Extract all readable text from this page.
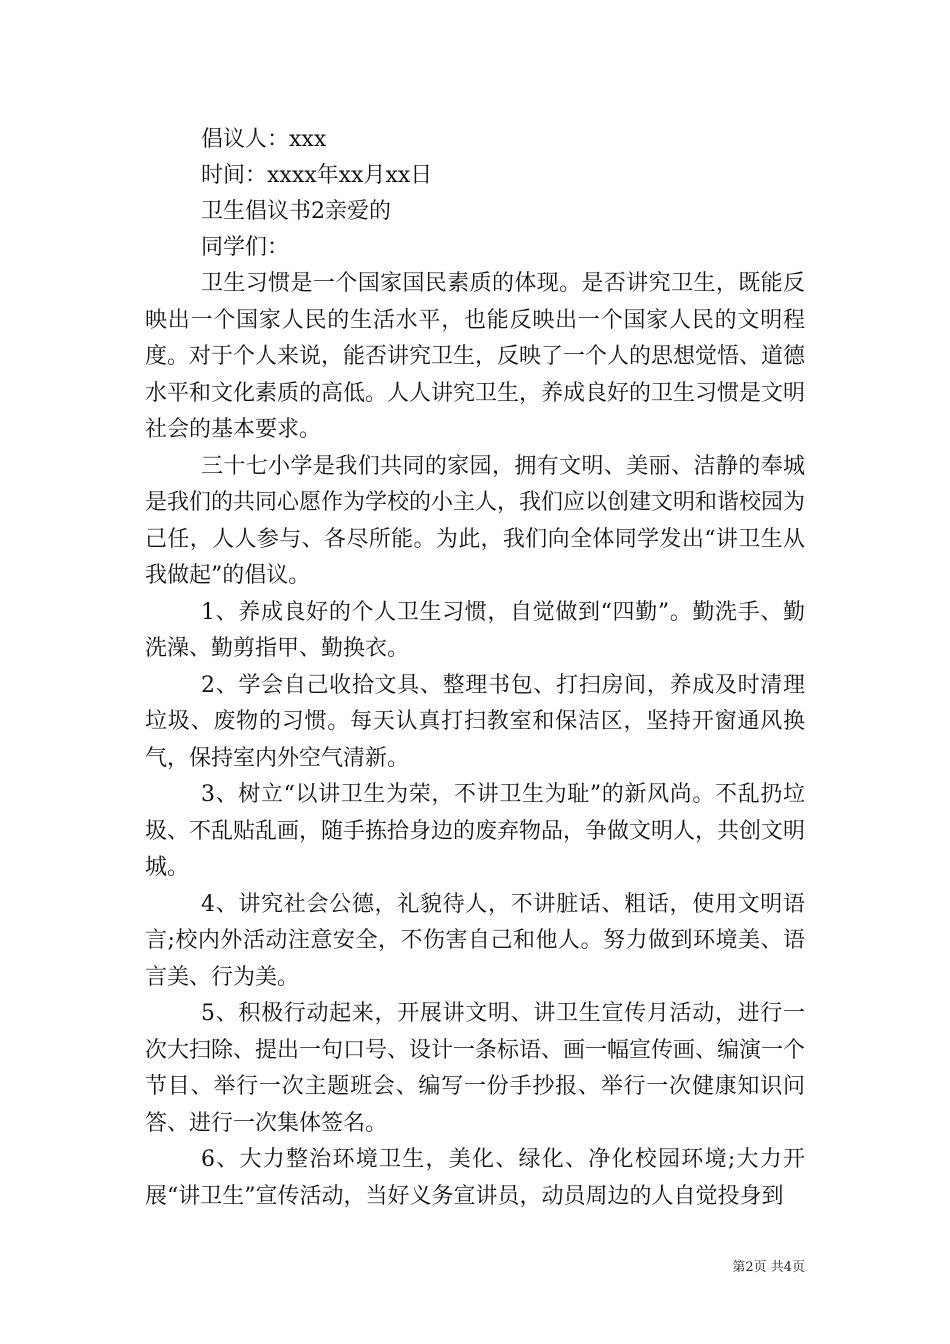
倡议人：xxx
时间：xxxx年xx月xx日
卫生倡议书2亲爱的
同学们：

卫生习惯是一个国家国民素质的体现。是否讲究卫生，既能反映出一个国家人民的生活水平，也能反映出一个国家人民的文明程度。对于个人来说，能否讲究卫生，反映了一个人的思想觉悟、道德水平和文化素质的高低。人人讲究卫生，养成良好的卫生习惯是文明社会的基本要求。

三十七小学是我们共同的家园，拥有文明、美丽、洁静的奉城是我们的共同心愿作为学校的小主人，我们应以创建文明和谐校园为己任，人人参与、各尽所能。为此，我们向全体同学发出“讲卫生从我做起”的倡议。

1、养成良好的个人卫生习惯，自觉做到“四勤”。勤洗手、勤洗澡、勤剪指甲、勤换衣。

2、学会自己收拾文具、整理书包、打扫房间，养成及时清理垃圾、废物的习惯。每天认真打扫教室和保洁区，坚持开窗通风换气，保持室内外空气清新。

3、树立“以讲卫生为荣，不讲卫生为耻”的新风尚。不乱扔垃圾、不乱贴乱画，随手拣拾身边的废弃物品，争做文明人，共创文明城。

4、讲究社会公德，礼貌待人，不讲脏话、粗话，使用文明语言;校内外活动注意安全，不伤害自己和他人。努力做到环境美、语言美、行为美。

5、积极行动起来，开展讲文明、讲卫生宣传月活动，进行一次大扫除、提出一句口号、设计一条标语、画一幅宣传画、编演一个节目、举行一次主题班会、编写一份手抄报、举行一次健康知识问答、进行一次集体签名。

6、大力整治环境卫生，美化、绿化、净化校园环境;大力开展“讲卫生”宣传活动，当好义务宣讲员，动员周边的人自觉投身到

第2页 共4页
